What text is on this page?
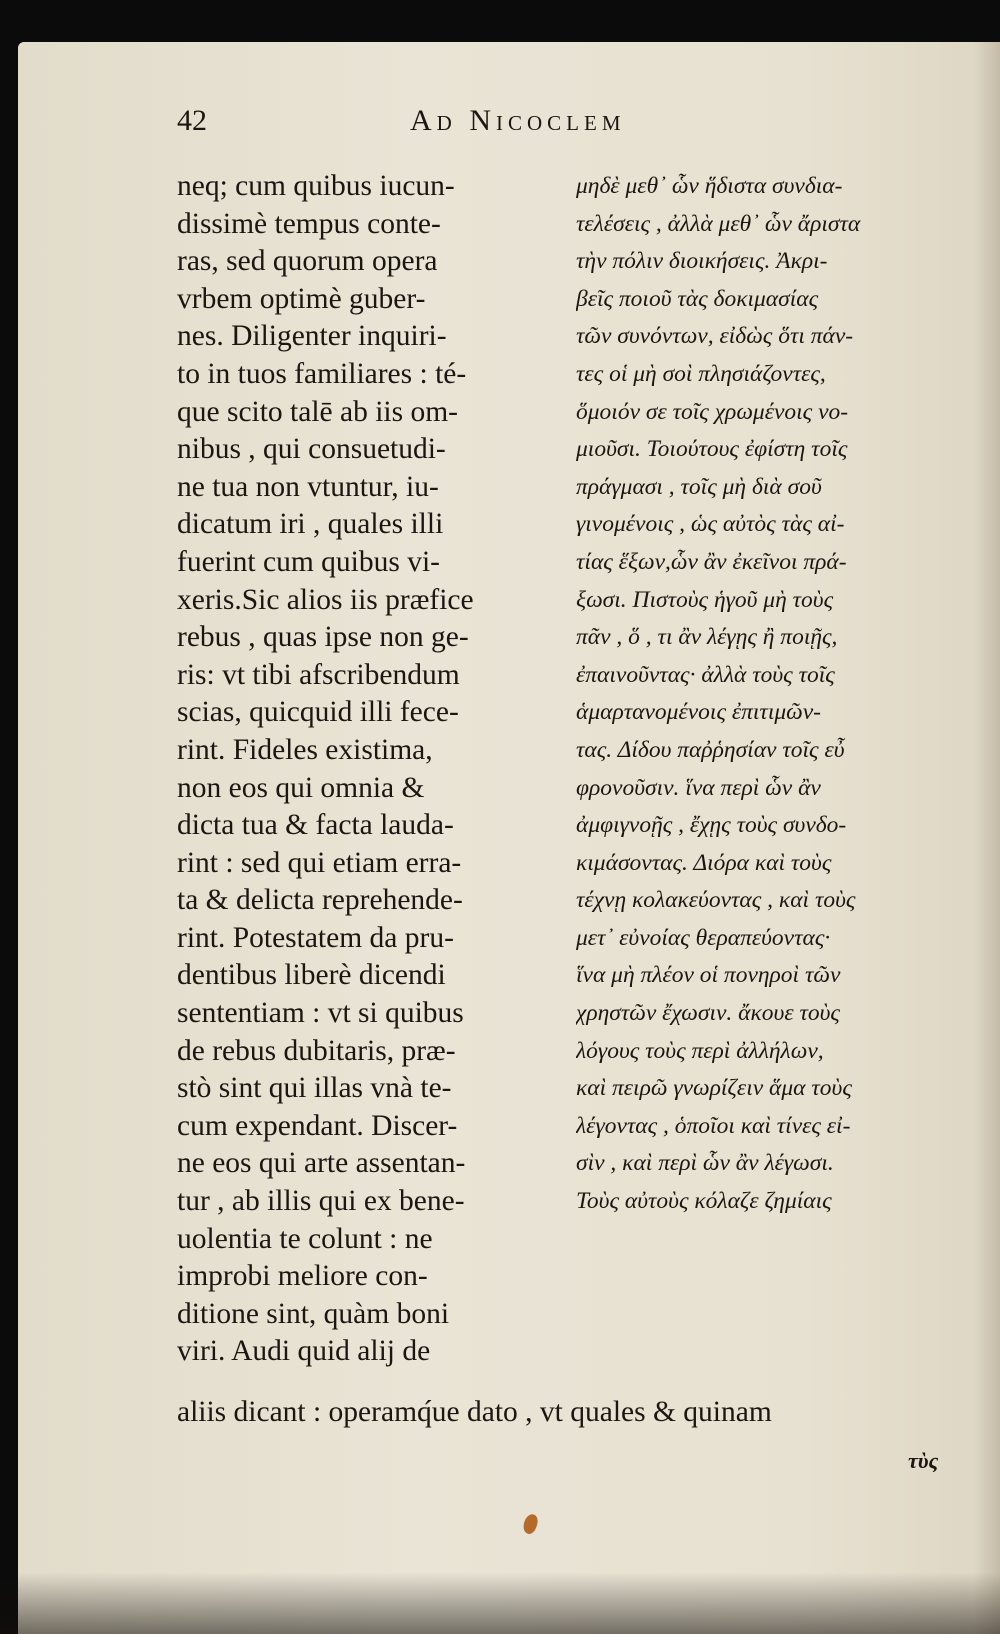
42	Ad Nicoclem
neq; cum quibus iucun-
dissimè tempus conte-
ras, sed quorum opera
vrbem optimè guber-
nes. Diligenter inquiri-
to in tuos familiares : té-
que scito talē ab iis om-
nibus , qui consuetudi-
ne tua non vtuntur, iu-
dicatum iri , quales illi
fuerint cum quibus vi-
xeris.Sic alios iis præfice
rebus , quas ipse non ge-
ris: vt tibi afscribendum
scias, quicquid illi fece-
rint. Fideles existima,
non eos qui omnia &
dicta tua & facta lauda-
rint : sed qui etiam erra-
ta & delicta reprehende-
rint. Potestatem da pru-
dentibus liberè dicendi
sententiam : vt si quibus
de rebus dubitaris, præ-
stò sint qui illas vnà te-
cum expendant. Discer-
ne eos qui arte assentan-
tur , ab illis qui ex bene-
uolentia te colunt : ne
improbi meliore con-
ditione sint, quàm boni
viri. Audi quid alij de
μηδὲ μεθ᾽ ὧν ἥδιστα συνδια-
τελέσεις , ἀλλὰ μεθ᾽ ὧν ἄριστα
τὴν πόλιν διοικήσεις. Ἀκρι-
βεῖς ποιοῦ τὰς δοκιμασίας
τῶν συνόντων, εἰδὼς ὅτι πάν-
τες οἱ μὴ σοὶ πλησιάζοντες,
ὅμοιόν σε τοῖς χρωμένοις νο-
μιοῦσι. Τοιούτους ἐφίστη τοῖς
πράγμασι , τοῖς μὴ διὰ σοῦ
γινομένοις , ὡς αὐτὸς τὰς αἰ-
τίας ἕξων,ὧν ἂν ἐκεῖνοι πρά-
ξωσι. Πιστοὺς ἡγοῦ μὴ τοὺς
πᾶν , ὅ , τι ἂν λέγῃς ἢ ποιῇς,
ἐπαινοῦντας· ἀλλὰ τοὺς τοῖς
ἁμαρτανομένοις ἐπιτιμῶν-
τας. Δίδου παῤῥησίαν τοῖς εὖ
φρονοῦσιν. ἵνα περὶ ὧν ἂν
ἀμφιγνοῇς , ἔχῃς τοὺς συνδο-
κιμάσοντας. Διόρα καὶ τοὺς
τέχνῃ κολακεύοντας , καὶ τοὺς
μετ᾽ εὐνοίας θεραπεύοντας·
ἵνα μὴ πλέον οἱ πονηροὶ τῶν
χρηστῶν ἔχωσιν. ἄκουε τοὺς
λόγους τοὺς περὶ ἀλλήλων,
καὶ πειρῶ γνωρίζειν ἅμα τοὺς
λέγοντας , ὁποῖοι καὶ τίνες εἰ-
σὶν , καὶ περὶ ὧν ἂν λέγωσι.
Τοὺς αὐτοὺς κόλαζε ζημίαις
aliis dicant : operamq́ue dato , vt quales & quinam
τὺς
